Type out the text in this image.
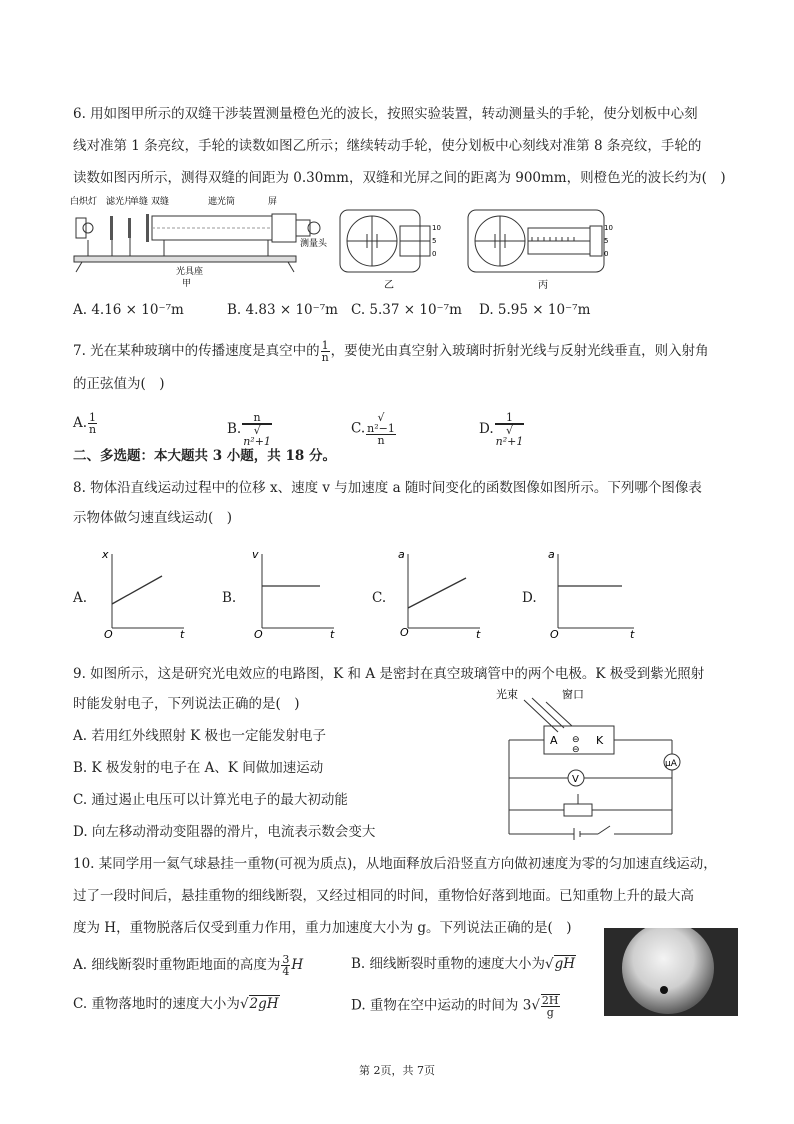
6. 用如图甲所示的双缝干涉装置测量橙色光的波长，按照实验装置，转动测量头的手轮，使分划板中心刻
线对准第 1 条亮纹，手轮的读数如图乙所示；继续转动手轮，使分划板中心刻线对准第 8 条亮纹，手轮的
读数如图丙所示，测得双缝的间距为 0.30mm，双缝和光屏之间的距离为 900mm，则橙色光的波长约为(　)
白炽灯 滤光片
单缝 双缝	遮光筒	屏
测量头
光具座
甲
10
5
0
乙
10
5
0
丙
A. 4.16 × 10⁻⁷m	B. 4.83 × 10⁻⁷m C. 5.37 × 10⁻⁷m D. 5.95 × 10⁻⁷m
7. 光在某种玻璃中的传播速度是真空中的 $\frac{1}{n}$ ，要使光由真空射入玻璃时折射光线与反射光线垂直，则入射角
的正弦值为(　)
A. $\frac{1}{n}$	B. n
√
n²+1	C. √
n²−1
n	D. 1
√
n²+1
二、多选题：本大题共 3 小题，共 18 分。
8. 物体沿直线运动过程中的位移 x、速度 v 与加速度 a 随时间变化的函数图像如图所示。下列哪个图像表
示物体做匀速直线运动(　)
A.
x
t
O
B.
v
t
O
C.
a
t
O
D.
a
t
O
9. 如图所示，这是研究光电效应的电路图，K 和 A 是密封在真空玻璃管中的两个电极。K 极受到紫光照射
时能发射电子，下列说法正确的是(　)
A. 若用红外线照射 K 极也一定能发射电子
B. K 极发射的电子在 A、K 间做加速运动
C. 通过遏止电压可以计算光电子的最大初动能
D. 向左移动滑动变阻器的滑片，电流表示数会变大
光束	窗口
A	K
⊖
⊖
μA
V
10. 某同学用一氦气球悬挂一重物(可视为质点)，从地面释放后沿竖直方向做初速度为零的匀加速直线运动，
过了一段时间后，悬挂重物的细线断裂，又经过相同的时间，重物恰好落到地面。已知重物上升的最大高
度为 H，重物脱落后仅受到重力作用，重力加速度大小为 g。下列说法正确的是(　)
A. 细线断裂时重物距地面的高度为 $\frac{3}{4}$ H	B. 细线断裂时重物的速度大小为√gH
C. 重物落地时的速度大小为√2gH	D. 重物在空中运动的时间为 $3√ \frac{2H}{g}$
第 2页，共 7页
